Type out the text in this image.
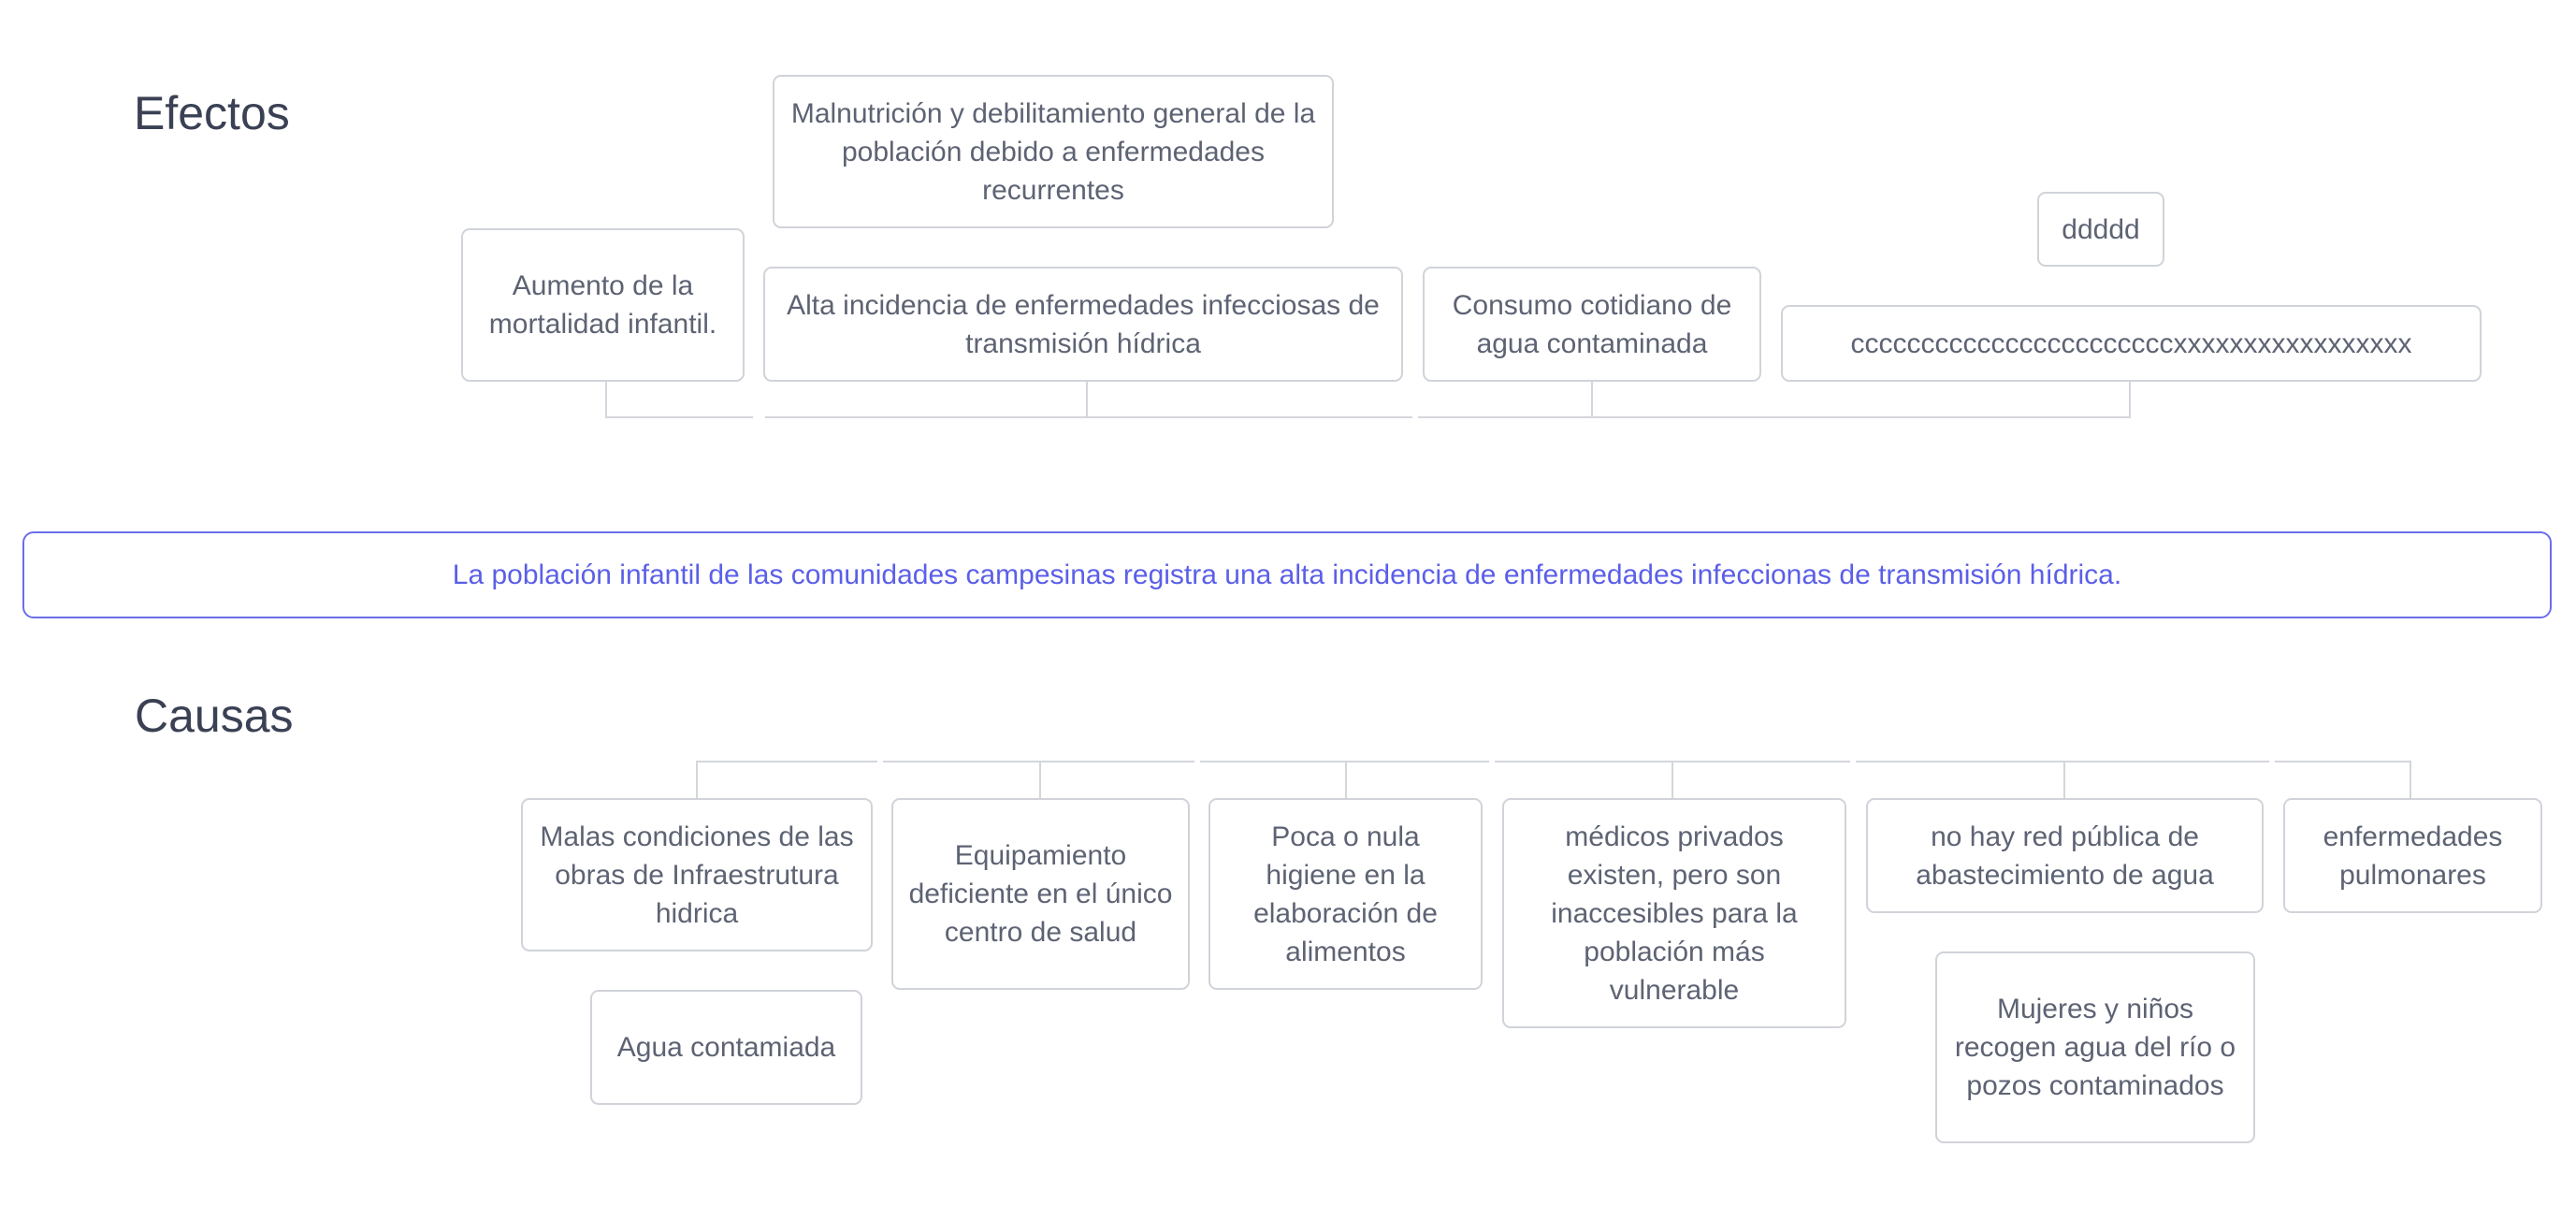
Efectos
Aumento de la mortalidad infantil.
Malnutrición y debilitamiento general de la población debido a enfermedades recurrentes
Alta incidencia de enfermedades infecciosas de transmisión hídrica
Consumo cotidiano de agua contaminada
ddddd
cccccccccccccccccccccccxxxxxxxxxxxxxxxxx
La población infantil de las comunidades campesinas registra una alta incidencia de enfermedades infeccionas de transmisión hídrica.
Causas
Malas condiciones de las obras de Infraestrutura hidrica
Agua contamiada
Equipamiento deficiente en el único centro de salud
Poca o nula higiene en la elaboración de alimentos
médicos privados existen, pero son inaccesibles para la población más vulnerable
no hay red pública de abastecimiento de agua
Mujeres y niños recogen agua del río o pozos contaminados
enfermedades pulmonares
